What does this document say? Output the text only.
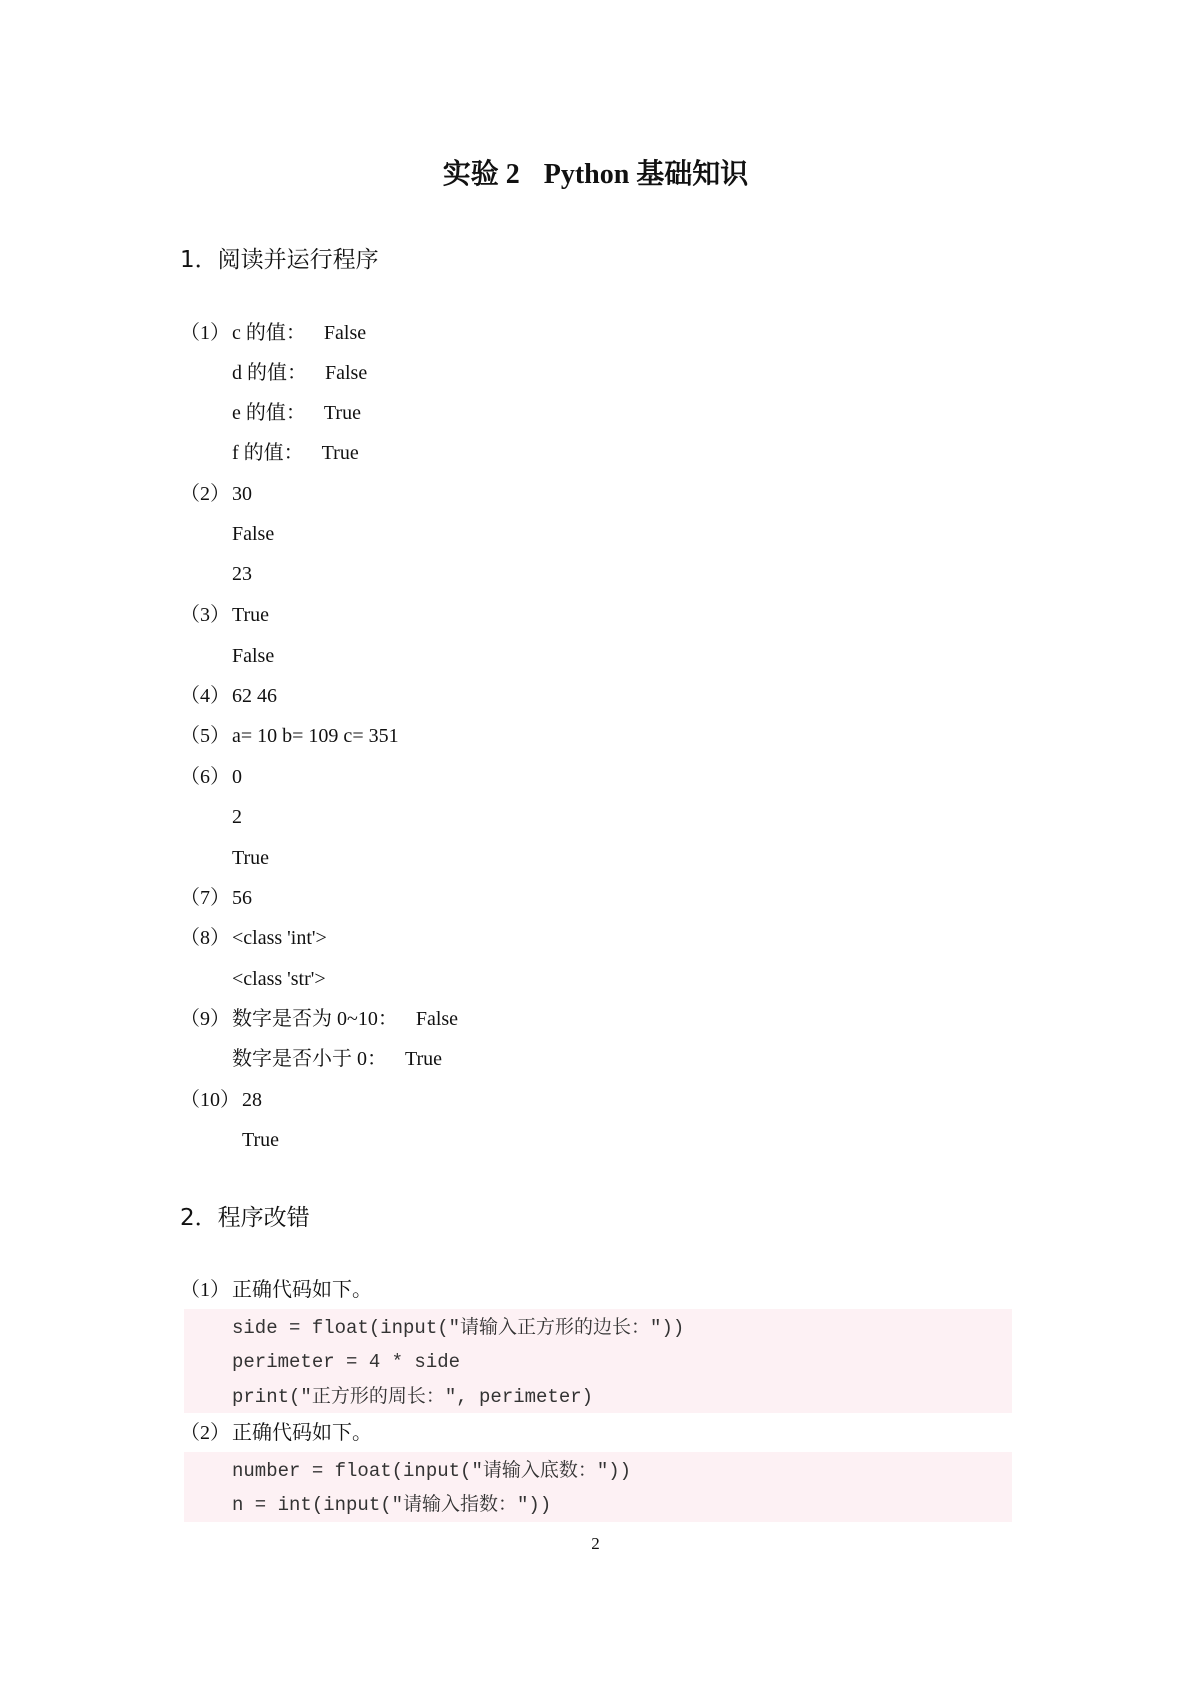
实验 2 Python 基础知识
1．阅读并运行程序
（1） c 的值： False
d 的值： False
e 的值： True
f 的值： True
（2） 30
False
23
（3） True
False
（4） 62 46
（5） a= 10 b= 109 c= 351
（6） 0
2
True
（7） 56
（8） <class 'int'>
<class 'str'>
（9） 数字是否为 0~10： False
数字是否小于 0： True
（10） 28
True
2．程序改错
（1） 正确代码如下。
side = float(input("请输入正方形的边长："))
perimeter = 4 * side
print("正方形的周长：", perimeter)
（2） 正确代码如下。
number = float(input("请输入底数："))
n = int(input("请输入指数："))
2
